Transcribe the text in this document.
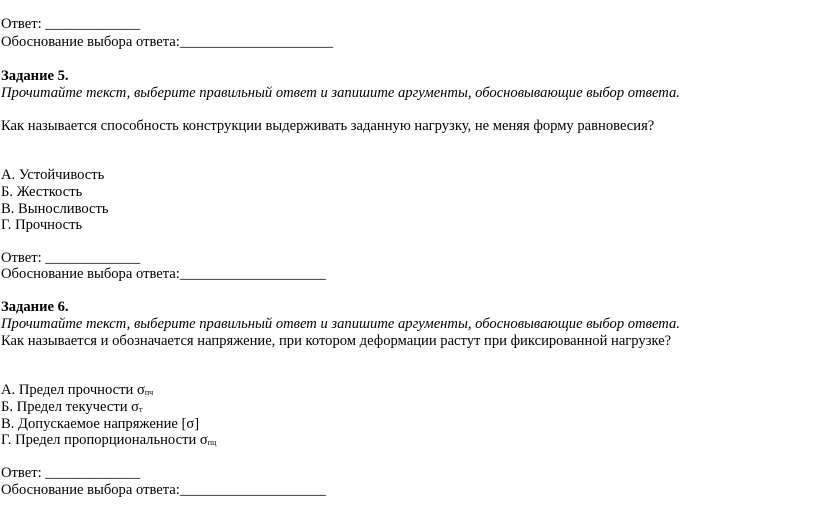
Ответ: _____________
Обоснование выбора ответа:_____________________
Задание 5.
Прочитайте текст, выберите правильный ответ и запишите аргументы, обосновывающие выбор ответа.
Как называется способность конструкции выдерживать заданную нагрузку, не меняя форму равновесия?
А. Устойчивость
Б. Жесткость
В. Выносливость
Г. Прочность
Ответ: _____________
Обоснование выбора ответа:____________________
Задание 6.
Прочитайте текст, выберите правильный ответ и запишите аргументы, обосновывающие выбор ответа.
Как называется и обозначается напряжение, при котором деформации растут при фиксированной нагрузке?
А. Предел прочности $\sigma_{пч}$
Б. Предел текучести $\sigma_т$
В. Допускаемое напряжение [σ]
Г. Предел пропорциональности $\sigma_{пц}$
Ответ: _____________
Обоснование выбора ответа:____________________
